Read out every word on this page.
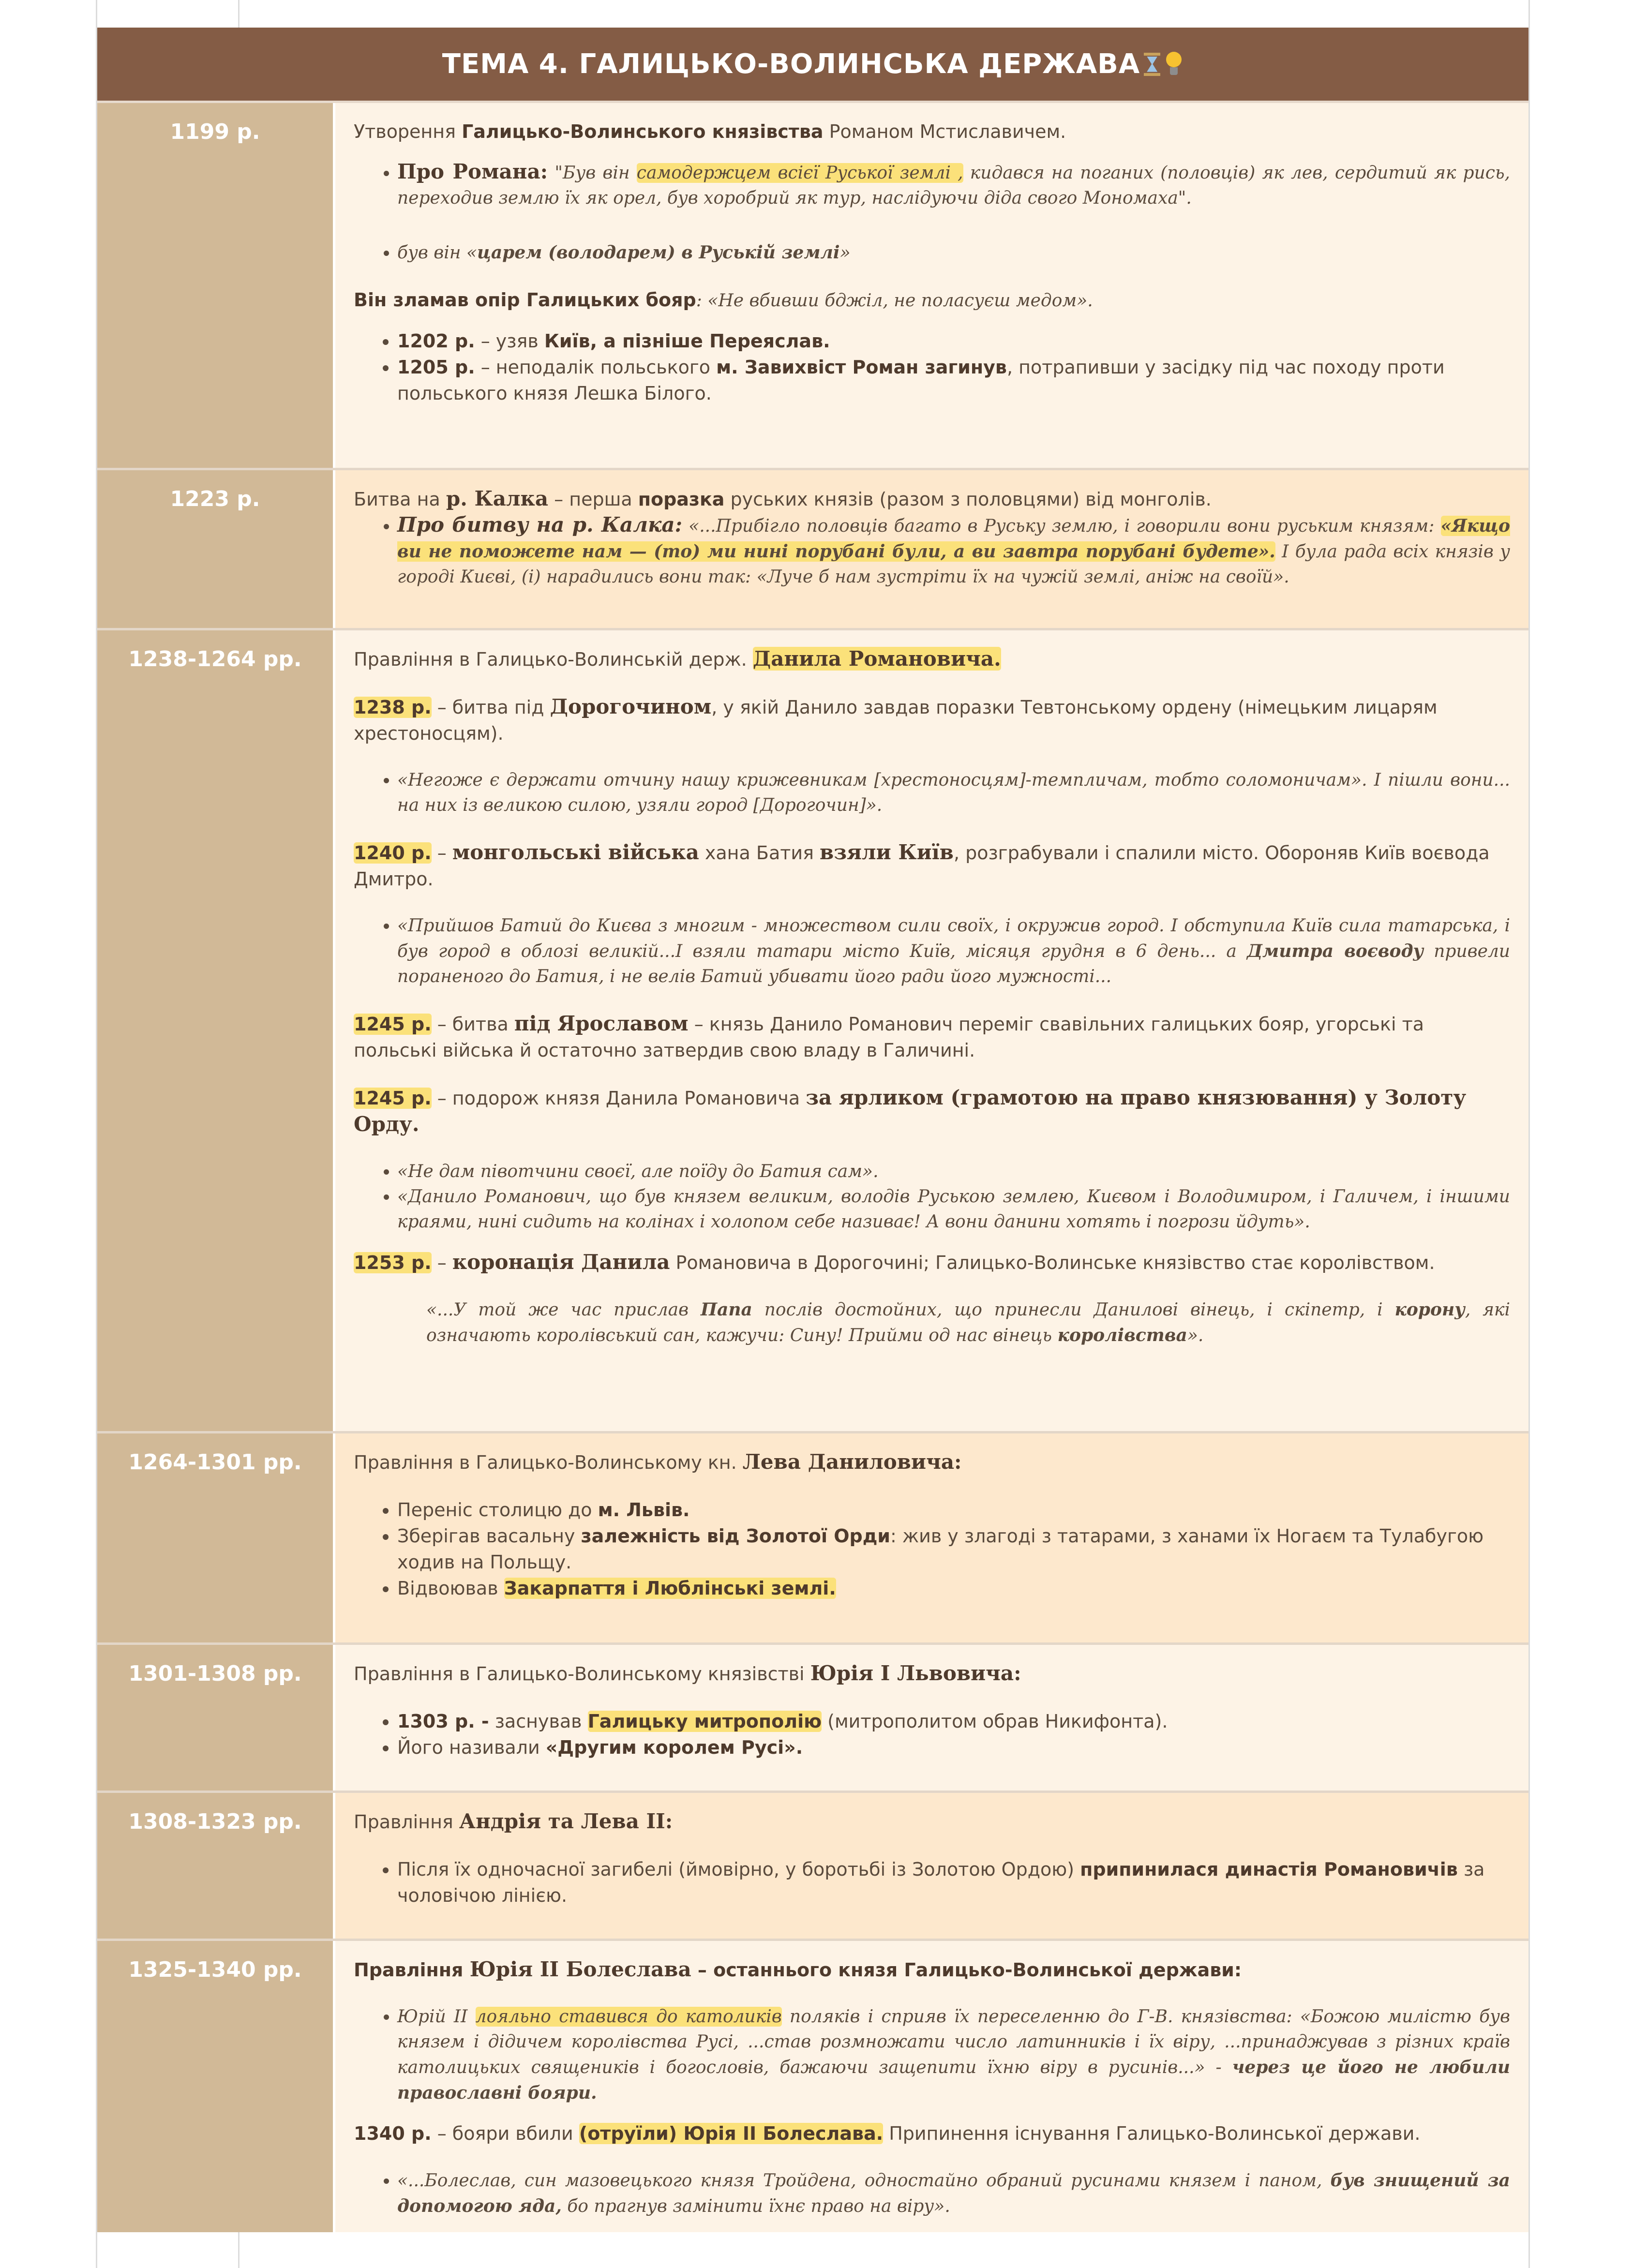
ТЕМА 4. ГАЛИЦЬКО-ВОЛИНСЬКА ДЕРЖАВА
1199 р.	Утворення Галицько-Волинського князівства Романом Мстиславичем.

• Про Романа: "Був він самодержцем всієї Руської землі , кидався на поганих (половців) як лев, сердитий як рись, переходив землю їх як орел, був хоробрий як тур, наслідуючи діда свого Мономаха".
• був він «царем (володарем) в Руській землі»

Він зламав опір Галицьких бояр: «Не вбивши бджіл, не поласуєш медом».

• 1202 р. – узяв Київ, а пізніше Переяслав.
• 1205 р. – неподалік польського м. Завихвіст Роман загинув, потрапивши у засідку під час походу проти польського князя Лешка Білого.
1223 р.	Битва на р. Калка – перша поразка руських князів (разом з половцями) від монголів.

• Про битву на р. Калка: «...Прибігло половців багато в Руську землю, і говорили вони руським князям: «Якщо ви не поможете нам — (то) ми нині порубані були, а ви завтра порубані будете». І була рада всіх князів у городі Києві, (і) нарадились вони так: «Луче б нам зустріти їх на чужій землі, аніж на своїй».
1238-1264 рр.	Правління в Галицько-Волинській держ. Данила Романовича.

1238 р. – битва під Дорогочином, у якій Данило завдав поразки Тевтонському ордену (німецьким лицарям хрестоносцям).

• «Негоже є держати отчину нашу крижевникам [хрестоносцям]-темпличам, тобто соломоничам». І пішли вони... на них із великою силою, узяли город [Дорогочин]».

1240 р. – монгольські війська хана Батия взяли Київ, розграбували і спалили місто. Обороняв Київ воєвода Дмитро.

• «Прийшов Батий до Києва з многим - множеством сили своїх, і окружив город. І обступила Київ сила татарська, і був город в облозі великій...І взяли татари місто Київ, місяця грудня в 6 день... а Дмитра воєводу привели пораненого до Батия, і не велів Батий убивати його ради його мужності...

1245 р. – битва під Ярославом – князь Данило Романович переміг свавільних галицьких бояр, угорські та польські війська й остаточно затвердив свою владу в Галичині.

1245 р. – подорож князя Данила Романовича за ярликом (грамотою на право князювання) у Золоту Орду.

• «Не дам півотчини своєї, але поїду до Батия сам».
• «Данило Романович, що був князем великим, володів Руською землею, Києвом і Володимиром, і Галичем, і іншими краями, нині сидить на колінах і холопом себе називає! А вони данини хотять і погрози йдуть».

1253 р. – коронація Данила Романовича в Дорогочині; Галицько-Волинське князівство стає королівством.

«...У той же час прислав Папа послів достойних, що принесли Данилові вінець, і скіпетр, і корону, які означають королівський сан, кажучи: Сину! Прийми од нас вінець королівства».

1264-1301 рр.	Правління в Галицько-Волинському кн. Лева Даниловича:

• Переніс столицю до м. Львів.
• Зберігав васальну залежність від Золотої Орди: жив у злагоді з татарами, з ханами їх Ногаєм та Тулабугою ходив на Польщу.
• Відвоював Закарпаття і Люблінські землі.
1301-1308 рр.	Правління в Галицько-Волинському князівстві Юрія І Львовича:

• 1303 р. - заснував Галицьку митрополію (митрополитом обрав Никифонта).
• Його називали «Другим королем Русі».
1308-1323 рр.	Правління Андрія та Лева ІІ:

• Після їх одночасної загибелі (ймовірно, у боротьбі із Золотою Ордою) припинилася династія Романовичів за чоловічою лінією.
1325-1340 рр.	Правління Юрія ІІ Болеслава – останнього князя Галицько-Волинської держави:

• Юрій ІІ лояльно ставився до католиків поляків і сприяв їх переселенню до Г-В. князівства: «Божою милістю був князем і дідичем королівства Русі, ...став розмножати число латинників і їх віру, ...принаджував з різних країв католицьких священиків і богословів, бажаючи защепити їхню віру в русинів...» - через це його не любили православні бояри.

1340 р. – бояри вбили (отруїли) Юрія ІІ Болеслава. Припинення існування Галицько-Волинської держави.

• «...Болеслав, син мазовецького князя Тройдена, одностайно обраний русинами князем і паном, був знищений за допомогою яда, бо прагнув замінити їхнє право на віру».
